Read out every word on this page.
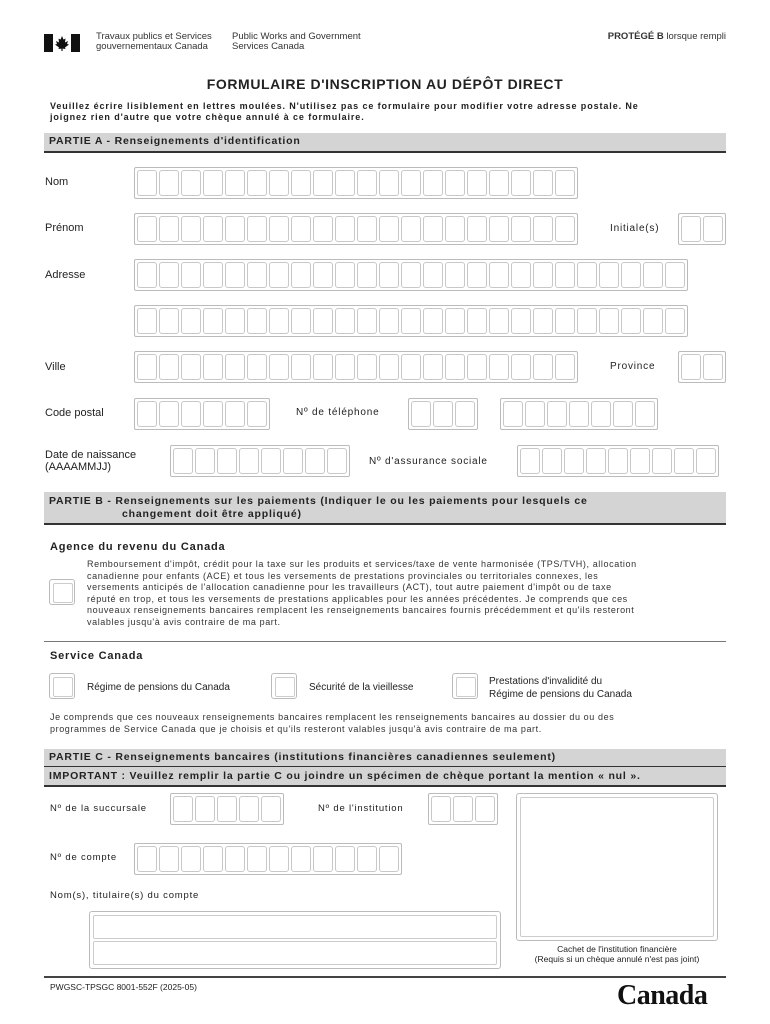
Travaux publics et Services
gouvernementaux Canada
Public Works and Government
Services Canada
PROTÉGÉ B lorsque rempli
FORMULAIRE D'INSCRIPTION AU DÉPÔT DIRECT
Veuillez écrire lisiblement en lettres moulées. N'utilisez pas ce formulaire pour modifier votre adresse postale. Ne
joignez rien d'autre que votre chèque annulé à ce formulaire.
PARTIE A - Renseignements d'identification
Nom
Prénom	Initiale(s)
Adresse
Ville	Province
Code postal	Nº de téléphone
Date de naissance
(AAAAMMJJ)	Nº d'assurance sociale
PARTIE B - Renseignements sur les paiements (Indiquer le ou les paiements pour lesquels ce
changement doit être appliqué)
Agence du revenu du Canada
Remboursement d'impôt, crédit pour la taxe sur les produits et services/taxe de vente harmonisée (TPS/TVH), allocation
canadienne pour enfants (ACE) et tous les versements de prestations provinciales ou territoriales connexes, les
versements anticipés de l'allocation canadienne pour les travailleurs (ACT), tout autre paiement d'impôt ou de taxe
réputé en trop, et tous les versements de prestations applicables pour les années précédentes. Je comprends que ces
nouveaux renseignements bancaires remplacent les renseignements bancaires fournis précédemment et qu'ils resteront
valables jusqu'à avis contraire de ma part.
Service Canada
Régime de pensions du Canada	Sécurité de la vieillesse
Prestations d'invalidité du
Régime de pensions du Canada
Je comprends que ces nouveaux renseignements bancaires remplacent les renseignements bancaires au dossier du ou des
programmes de Service Canada que je choisis et qu'ils resteront valables jusqu'à avis contraire de ma part.
PARTIE C - Renseignements bancaires (institutions financières canadiennes seulement)
IMPORTANT : Veuillez remplir la partie C ou joindre un spécimen de chèque portant la mention « nul ».
Nº de la succursale	Nº de l'institution
Nº de compte
Nom(s), titulaire(s) du compte
Cachet de l'institution financière
(Requis si un chèque annulé n'est pas joint)
PWGSC-TPSGC 8001-552F (2025-05)	Canada
